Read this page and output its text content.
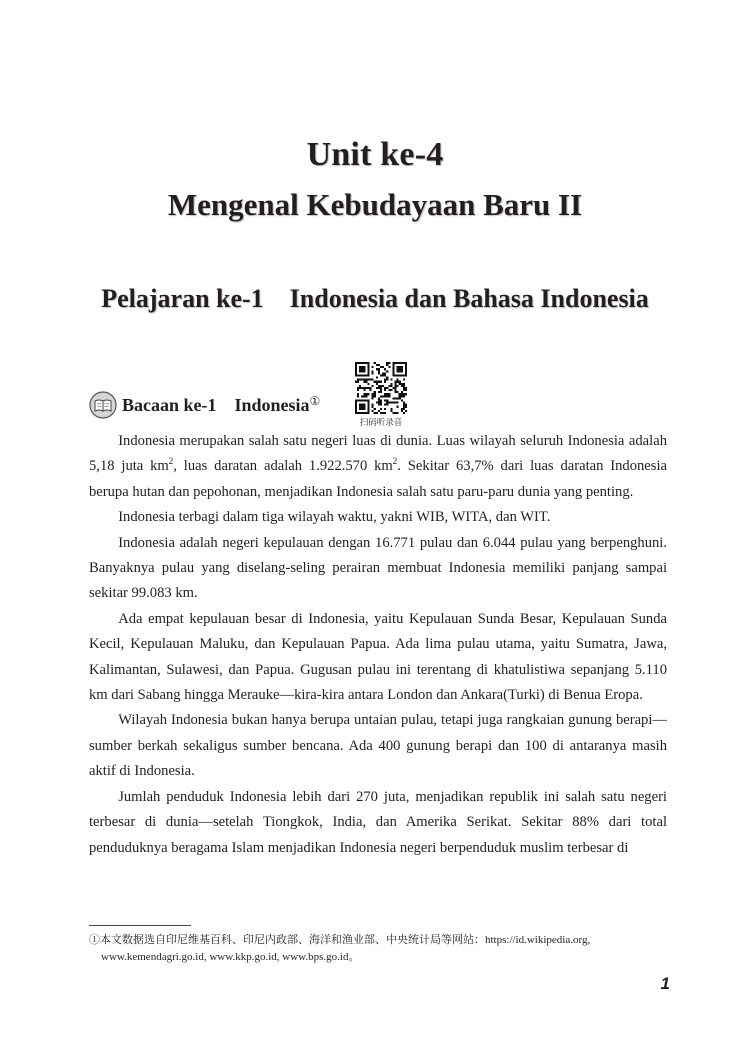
Unit ke-4
Mengenal Kebudayaan Baru II
Pelajaran ke-1    Indonesia dan Bahasa Indonesia
Bacaan ke-1    Indonesia①
扫码听录音

Indonesia merupakan salah satu negeri luas di dunia. Luas wilayah seluruh Indonesia adalah 5,18 juta $km^2$, luas daratan adalah 1.922.570 $km^2$. Sekitar 63,7% dari luas daratan Indonesia berupa hutan dan pepohonan, menjadikan Indonesia salah satu paru-paru dunia yang penting.

Indonesia terbagi dalam tiga wilayah waktu, yakni WIB, WITA, dan WIT.

Indonesia adalah negeri kepulauan dengan 16.771 pulau dan 6.044 pulau yang berpenghuni. Banyaknya pulau yang diselang-seling perairan membuat Indonesia memiliki panjang sampai sekitar 99.083 km.

Ada empat kepulauan besar di Indonesia, yaitu Kepulauan Sunda Besar, Kepulauan Sunda Kecil, Kepulauan Maluku, dan Kepulauan Papua. Ada lima pulau utama, yaitu Sumatra, Jawa, Kalimantan, Sulawesi, dan Papua. Gugusan pulau ini terentang di khatulistiwa sepanjang 5.110 km dari Sabang hingga Merauke—kira-kira antara London dan Ankara(Turki) di Benua Eropa.

Wilayah Indonesia bukan hanya berupa untaian pulau, tetapi juga rangkaian gunung berapi—sumber berkah sekaligus sumber bencana. Ada 400 gunung berapi dan 100 di antaranya masih aktif di Indonesia.

Jumlah penduduk Indonesia lebih dari 270 juta, menjadikan republik ini salah satu negeri terbesar di dunia—setelah Tiongkok, India, dan Amerika Serikat. Sekitar 88% dari total penduduknya beragama Islam menjadikan Indonesia negeri berpenduduk muslim terbesar di

①本文数据选自印尼维基百科、印尼内政部、海洋和渔业部、中央统计局等网站：https://id.wikipedia.org,
www.kemendagri.go.id, www.kkp.go.id, www.bps.go.id。
1
